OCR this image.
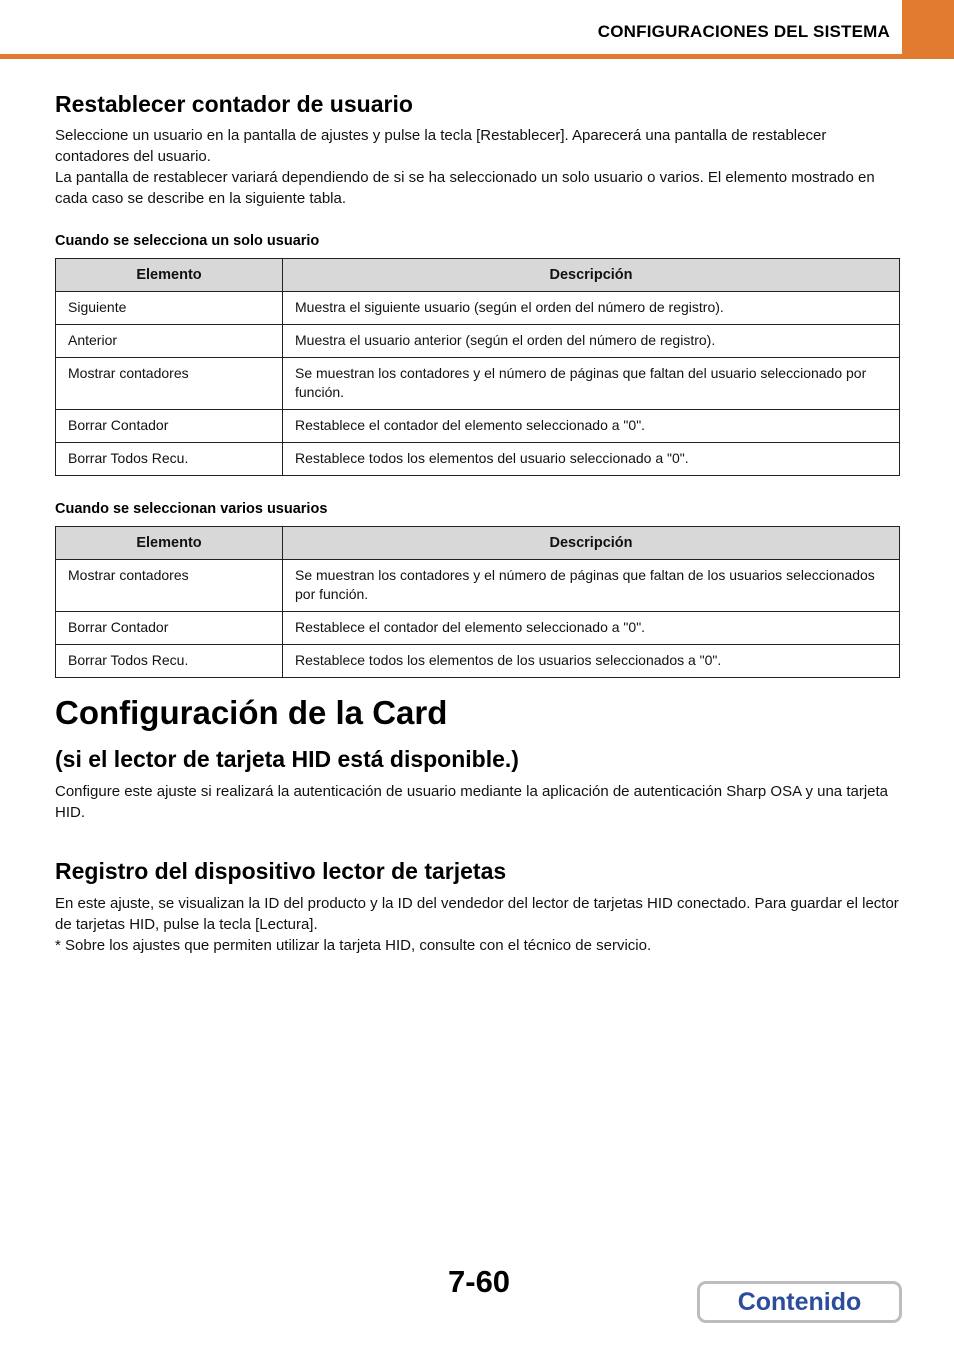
CONFIGURACIONES DEL SISTEMA
Restablecer contador de usuario

Seleccione un usuario en la pantalla de ajustes y pulse la tecla [Restablecer]. Aparecerá una pantalla de restablecer contadores del usuario.

La pantalla de restablecer variará dependiendo de si se ha seleccionado un solo usuario o varios. El elemento mostrado en cada caso se describe en la siguiente tabla.

Cuando se selecciona un solo usuario
Elemento	Descripción
Siguiente	Muestra el siguiente usuario (según el orden del número de registro).
Anterior	Muestra el usuario anterior (según el orden del número de registro).
Mostrar contadores	Se muestran los contadores y el número de páginas que faltan del usuario seleccionado por función.
Borrar Contador	Restablece el contador del elemento seleccionado a "0".
Borrar Todos Recu.	Restablece todos los elementos del usuario seleccionado a "0".
Cuando se seleccionan varios usuarios
Elemento	Descripción
Mostrar contadores	Se muestran los contadores y el número de páginas que faltan de los usuarios seleccionados por función.
Borrar Contador	Restablece el contador del elemento seleccionado a "0".
Borrar Todos Recu.	Restablece todos los elementos de los usuarios seleccionados a "0".
Configuración de la Card
(si el lector de tarjeta HID está disponible.)

Configure este ajuste si realizará la autenticación de usuario mediante la aplicación de autenticación Sharp OSA y una tarjeta HID.

Registro del dispositivo lector de tarjetas

En este ajuste, se visualizan la ID del producto y la ID del vendedor del lector de tarjetas HID conectado. Para guardar el lector de tarjetas HID, pulse la tecla [Lectura].

* Sobre los ajustes que permiten utilizar la tarjeta HID, consulte con el técnico de servicio.

7-60
Contenido
